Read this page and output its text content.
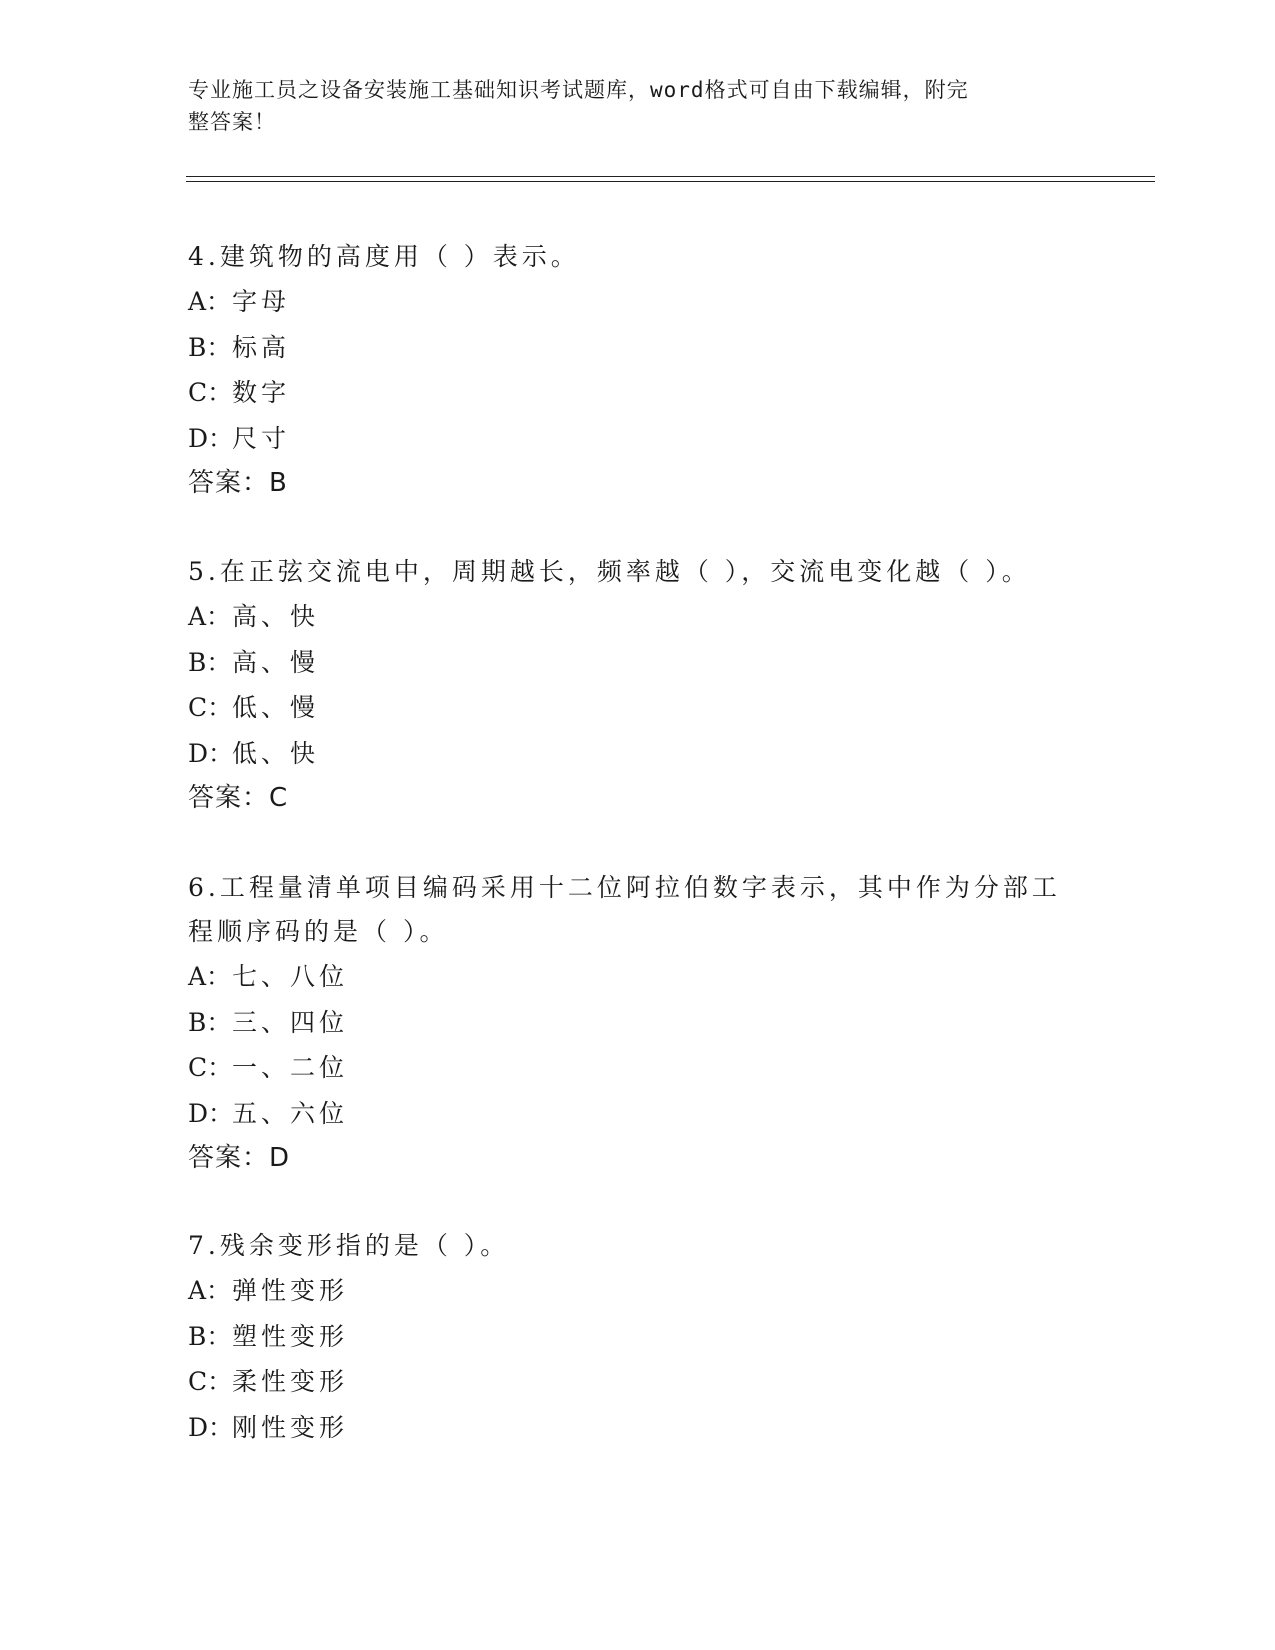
专业施工员之设备安装施工基础知识考试题库，word格式可自由下载编辑，附完
整答案！

4.建筑物的高度用（ ）表示。

A： 字母
B： 标高
C： 数字
D：
尺寸
答案：B

5.在正弦交流电中，周期越长，频率越（ ），交流电变化越（ ）。

A： 高、快
B： 高、慢
C： 低、慢
D：
低、快
答案：C

6.工程量清单项目编码采用十二位阿拉伯数字表示，其中作为分部工程顺序码的是（ ）。

A： 七、八位
B： 三、四位
C： 一、二位
D：
五、六位
答案：D

7.残余变形指的是（ ）。

A： 弹性变形
B： 塑性变形
C： 柔性变形
D：
刚性变形
